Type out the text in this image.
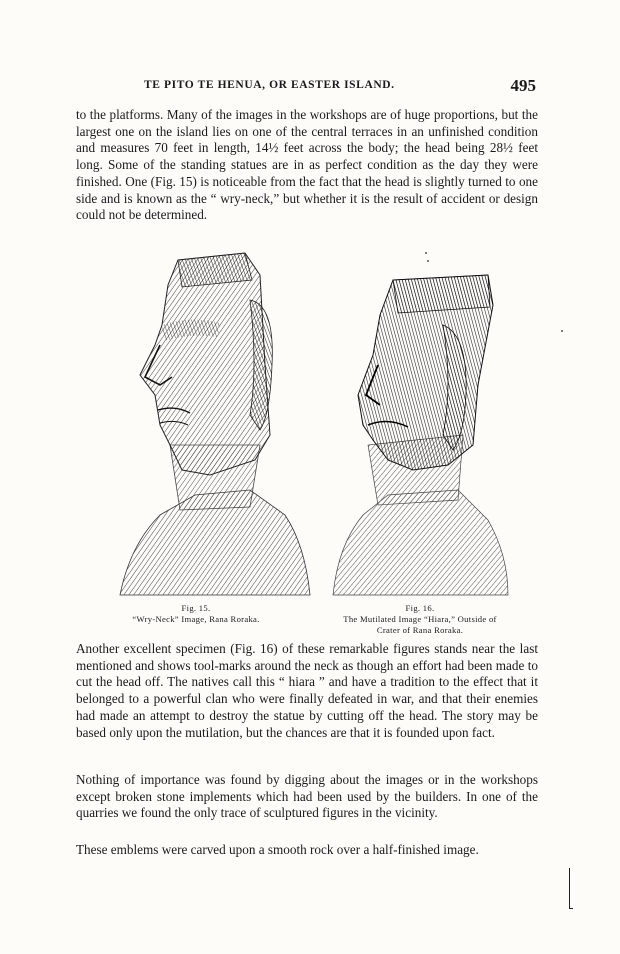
TE PITO TE HENUA, OR EASTER ISLAND.	495

to the platforms. Many of the images in the workshops are of huge proportions, but the largest one on the island lies on one of the central terraces in an unfinished condition and measures 70 feet in length, 14½ feet across the body; the head being 28½ feet long. Some of the standing statues are in as perfect condition as the day they were finished. One (Fig. 15) is noticeable from the fact that the head is slightly turned to one side and is known as the “ wry-neck,” but whether it is the result of accident or design could not be determined.

Fig. 15.
“Wry-Neck” Image, Rana Roraka.
Fig. 16.
The Mutilated Image “Hiara,” Outside of
Crater of Rana Roraka.

Another excellent specimen (Fig. 16) of these remarkable figures stands near the last mentioned and shows tool-marks around the neck as though an effort had been made to cut the head off. The natives call this “ hiara ” and have a tradition to the effect that it belonged to a powerful clan who were finally defeated in war, and that their enemies had made an attempt to destroy the statue by cutting off the head. The story may be based only upon the mutilation, but the chances are that it is founded upon fact.

Nothing of importance was found by digging about the images or in the workshops except broken stone implements which had been used by the builders. In one of the quarries we found the only trace of sculptured figures in the vicinity.

These emblems were carved upon a smooth rock over a half-finished image.
